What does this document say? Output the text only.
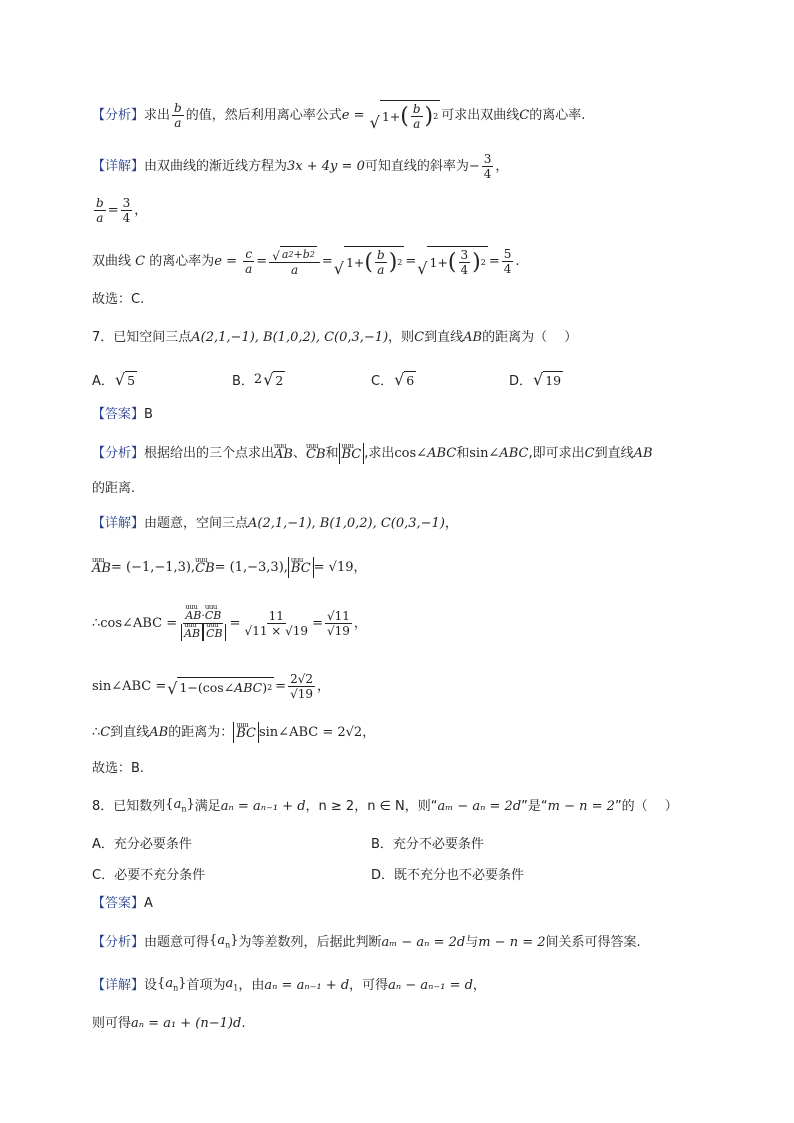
【分析】 求出 $\frac{b}{a}$ 的值，然后利用离心率公式 e = √ 1+ ( $\frac{b}{a}$ ) 2 可求出双曲线 C 的离心率.
【详解】 由双曲线的渐近线方程为 3x + 4y = 0 可知直线的斜率为 − $\frac{3}{4}$ ，
$\frac{b}{a} = \frac{3}{4}$ ，
双曲线 C 的离心率为 $e = \frac{c}{a} = \frac{√ a 2 +b 2}{a}$ = √ 1+ ( $\frac{b}{a}$ ) 2 = √ 1+ ( $\frac{3}{4}$ ) $2 = \frac{5}{4}$ .
故选：C.
7．已知空间三点 A(2,1,−1), B(1,0,2), C(0,3,−1) ，则 C 到直线 AB 的距离为（　 ）
A． √ 5	B． 2 √ 2	C． √ 6	D． √ 19
【答案】 B
【分析】 根据给出的三个点求出 uuu AB 、 uuu CB 和 uuu BC ,求出 cos∠ABC 和 sin∠ABC ,即可求出 C 到直线 AB
的距离.
【详解】 由题意，空间三点 A(2,1,−1), B(1,0,2), C(0,3,−1) ，
uuu AB = (−1,−1,3), uuu CB = (1,−3,3), uuu BC = √19 ，
∴cos∠ABC = uuu AB·uuu CB
uuu AB uuu CB = $\frac{11}{√11 \times √19} = \frac{√11}{√19}$ ，
sin∠ABC = √ 1−(cos∠ ABC ) $2 = \frac{2√2}{√19}$ ，
∴ C 到直线 AB 的距离为： uuu BC sin∠ABC = 2√2 ，
故选：B.
8．已知数列 $\{a_n\}$ 满足 aₙ = aₙ₋₁ + d ，n ≥ 2，n ∈ N，则“ aₘ − aₙ = 2d ”是“ m − n = 2 ”的（　 ）
A．充分必要条件	B．充分不必要条件
C．必要不充分条件	D．既不充分也不必要条件
【答案】 A
【分析】 由题意可得 $\{a_n\}$ 为等差数列，后据此判断 aₘ − aₙ = 2d 与 m − n = 2 间关系可得答案.
【详解】 设 $\{a_n\}$ 首项为 $a_1$ ，由 aₙ = aₙ₋₁ + d ，可得 aₙ − aₙ₋₁ = d ，
则可得 aₙ = a₁ + (n−1)d .
